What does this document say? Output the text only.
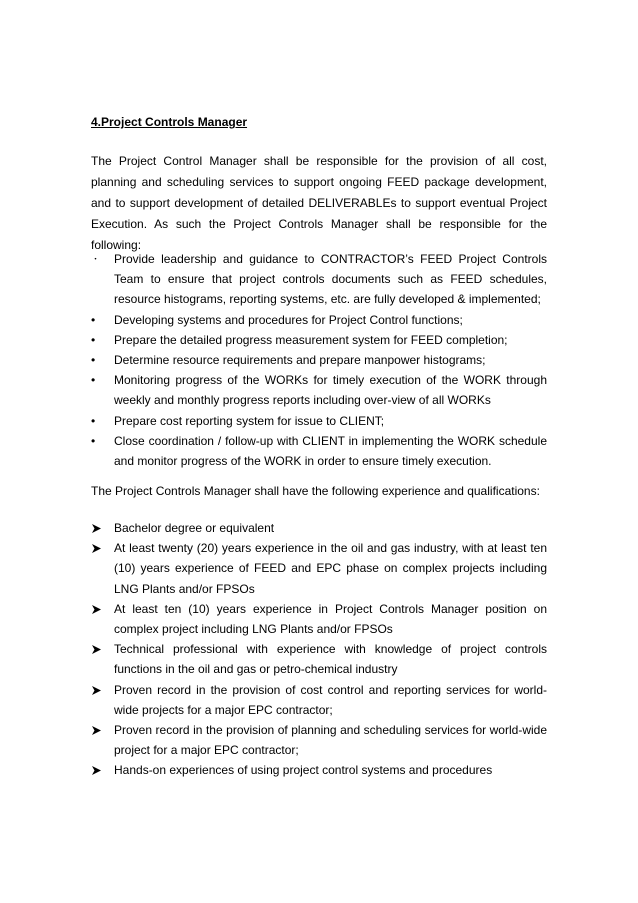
4.Project Controls Manager

The Project Control Manager shall be responsible for the provision of all cost, planning and scheduling services to support ongoing FEED package development, and to support development of detailed DELIVERABLEs to support eventual Project Execution. As such the Project Controls Manager shall be responsible for the following:

・ Provide leadership and guidance to CONTRACTOR’s FEED Project Controls Team to ensure that project controls documents such as FEED schedules, resource histograms, reporting systems, etc. are fully developed & implemented;
•	Developing systems and procedures for Project Control functions;
•	Prepare the detailed progress measurement system for FEED completion;
•	Determine resource requirements and prepare manpower histograms;
•	Monitoring progress of the WORKs for timely execution of the WORK through weekly and monthly progress reports including over-view of all WORKs
•	Prepare cost reporting system for issue to CLIENT;
•	Close coordination / follow-up with CLIENT in implementing the WORK schedule and monitor progress of the WORK in order to ensure timely execution.

The Project Controls Manager shall have the following experience and qualifications:

Bachelor degree or equivalent
At least twenty (20) years experience in the oil and gas industry, with at least ten (10) years experience of FEED and EPC phase on complex projects including LNG Plants and/or FPSOs
At least ten (10) years experience in Project Controls Manager position on complex project including LNG Plants and/or FPSOs
Technical professional with experience with knowledge of project controls functions in the oil and gas or petro-chemical industry
Proven record in the provision of cost control and reporting services for world-wide projects for a major EPC contractor;
Proven record in the provision of planning and scheduling services for world-wide project for a major EPC contractor;
Hands-on experiences of using project control systems and procedures
